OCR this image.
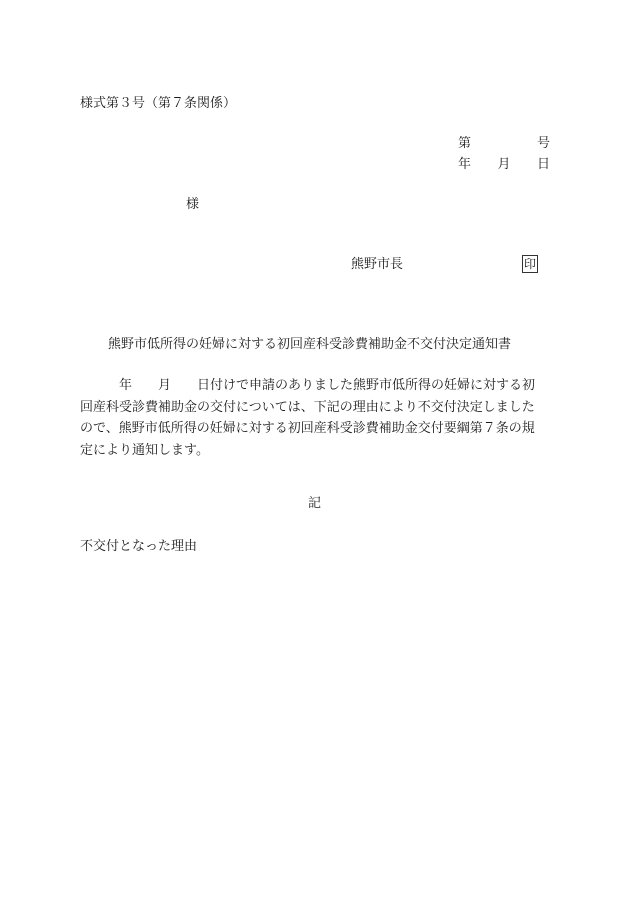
様式第３号（第７条関係）
第	号
年 月 日
様
熊野市長	印
熊野市低所得の妊婦に対する初回産科受診費補助金不交付決定通知書
年 月 日付けで申請のありました熊野市低所得の妊婦に対する初
回産科受診費補助金の交付については、下記の理由により不交付決定しました
ので、熊野市低所得の妊婦に対する初回産科受診費補助金交付要綱第７条の規
定により通知します。
記
不交付となった理由
